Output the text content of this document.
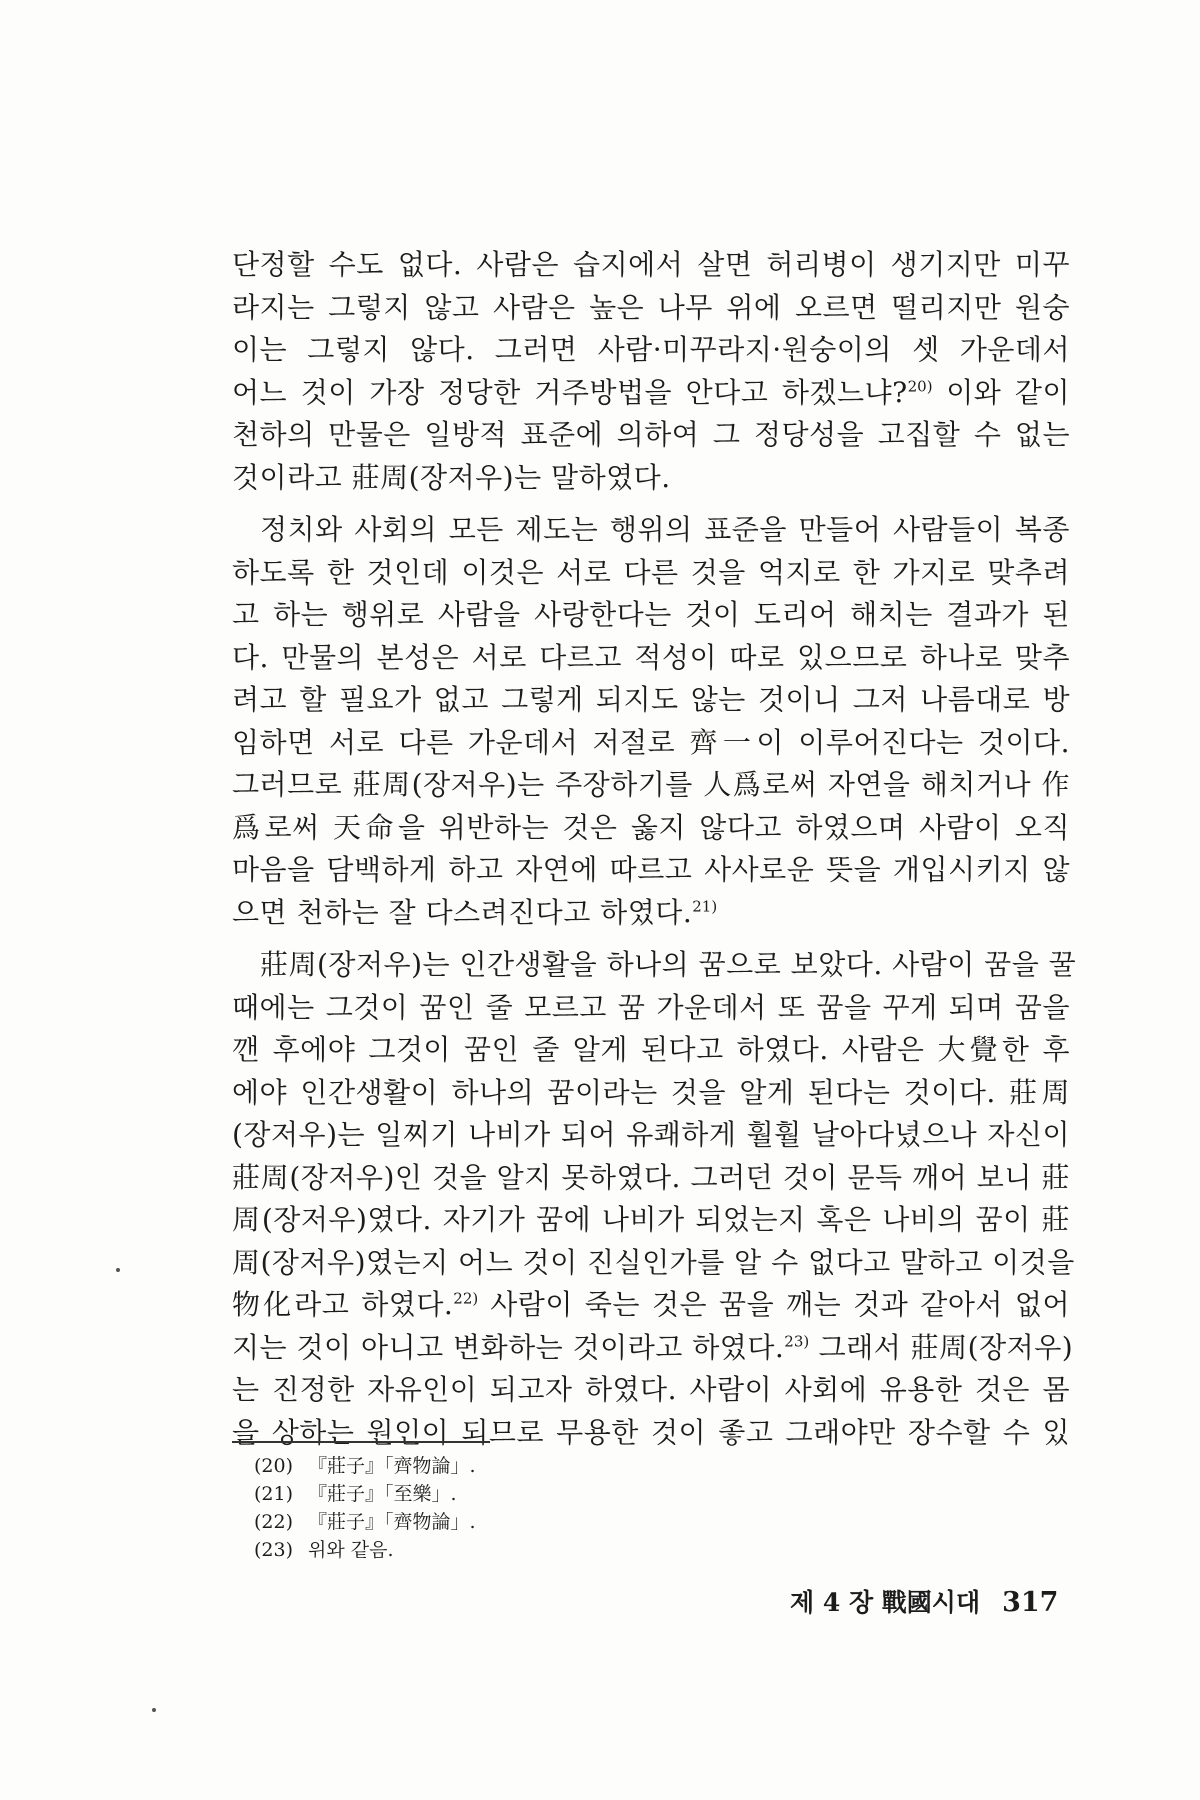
단정할 수도 없다. 사람은 습지에서 살면 허리병이 생기지만 미꾸
라지는 그렇지 않고 사람은 높은 나무 위에 오르면 떨리지만 원숭
이는 그렇지 않다. 그러면 사람·미꾸라지·원숭이의 셋 가운데서
어느 것이 가장 정당한 거주방법을 안다고 하겠느냐?$^{20)}$ 이와 같이
천하의 만물은 일방적 표준에 의하여 그 정당성을 고집할 수 없는
것이라고 莊周(장저우)는 말하였다.
정치와 사회의 모든 제도는 행위의 표준을 만들어 사람들이 복종
하도록 한 것인데 이것은 서로 다른 것을 억지로 한 가지로 맞추려
고 하는 행위로 사람을 사랑한다는 것이 도리어 해치는 결과가 된
다. 만물의 본성은 서로 다르고 적성이 따로 있으므로 하나로 맞추
려고 할 필요가 없고 그렇게 되지도 않는 것이니 그저 나름대로 방
임하면 서로 다른 가운데서 저절로 齊一이 이루어진다는 것이다.
그러므로 莊周(장저우)는 주장하기를 人爲로써 자연을 해치거나 作
爲로써 天命을 위반하는 것은 옳지 않다고 하였으며 사람이 오직
마음을 담백하게 하고 자연에 따르고 사사로운 뜻을 개입시키지 않
으면 천하는 잘 다스려진다고 하였다.$^{21)}$
莊周(장저우)는 인간생활을 하나의 꿈으로 보았다. 사람이 꿈을 꿀
때에는 그것이 꿈인 줄 모르고 꿈 가운데서 또 꿈을 꾸게 되며 꿈을
깬 후에야 그것이 꿈인 줄 알게 된다고 하였다. 사람은 大覺한 후
에야 인간생활이 하나의 꿈이라는 것을 알게 된다는 것이다. 莊周
(장저우)는 일찌기 나비가 되어 유쾌하게 훨훨 날아다녔으나 자신이
莊周(장저우)인 것을 알지 못하였다. 그러던 것이 문득 깨어 보니 莊
周(장저우)였다. 자기가 꿈에 나비가 되었는지 혹은 나비의 꿈이 莊
周(장저우)였는지 어느 것이 진실인가를 알 수 없다고 말하고 이것을
物化라고 하였다.$^{22)}$ 사람이 죽는 것은 꿈을 깨는 것과 같아서 없어
지는 것이 아니고 변화하는 것이라고 하였다.$^{23)}$ 그래서 莊周(장저우)
는 진정한 자유인이 되고자 하였다. 사람이 사회에 유용한 것은 몸
을 상하는 원인이 되므로 무용한 것이 좋고 그래야만 장수할 수 있
(20) 『莊子』「齊物論」.
(21) 『莊子』「至樂」.
(22) 『莊子』「齊物論」.
(23) 위와 같음.
제 4 장 戰國시대 317
